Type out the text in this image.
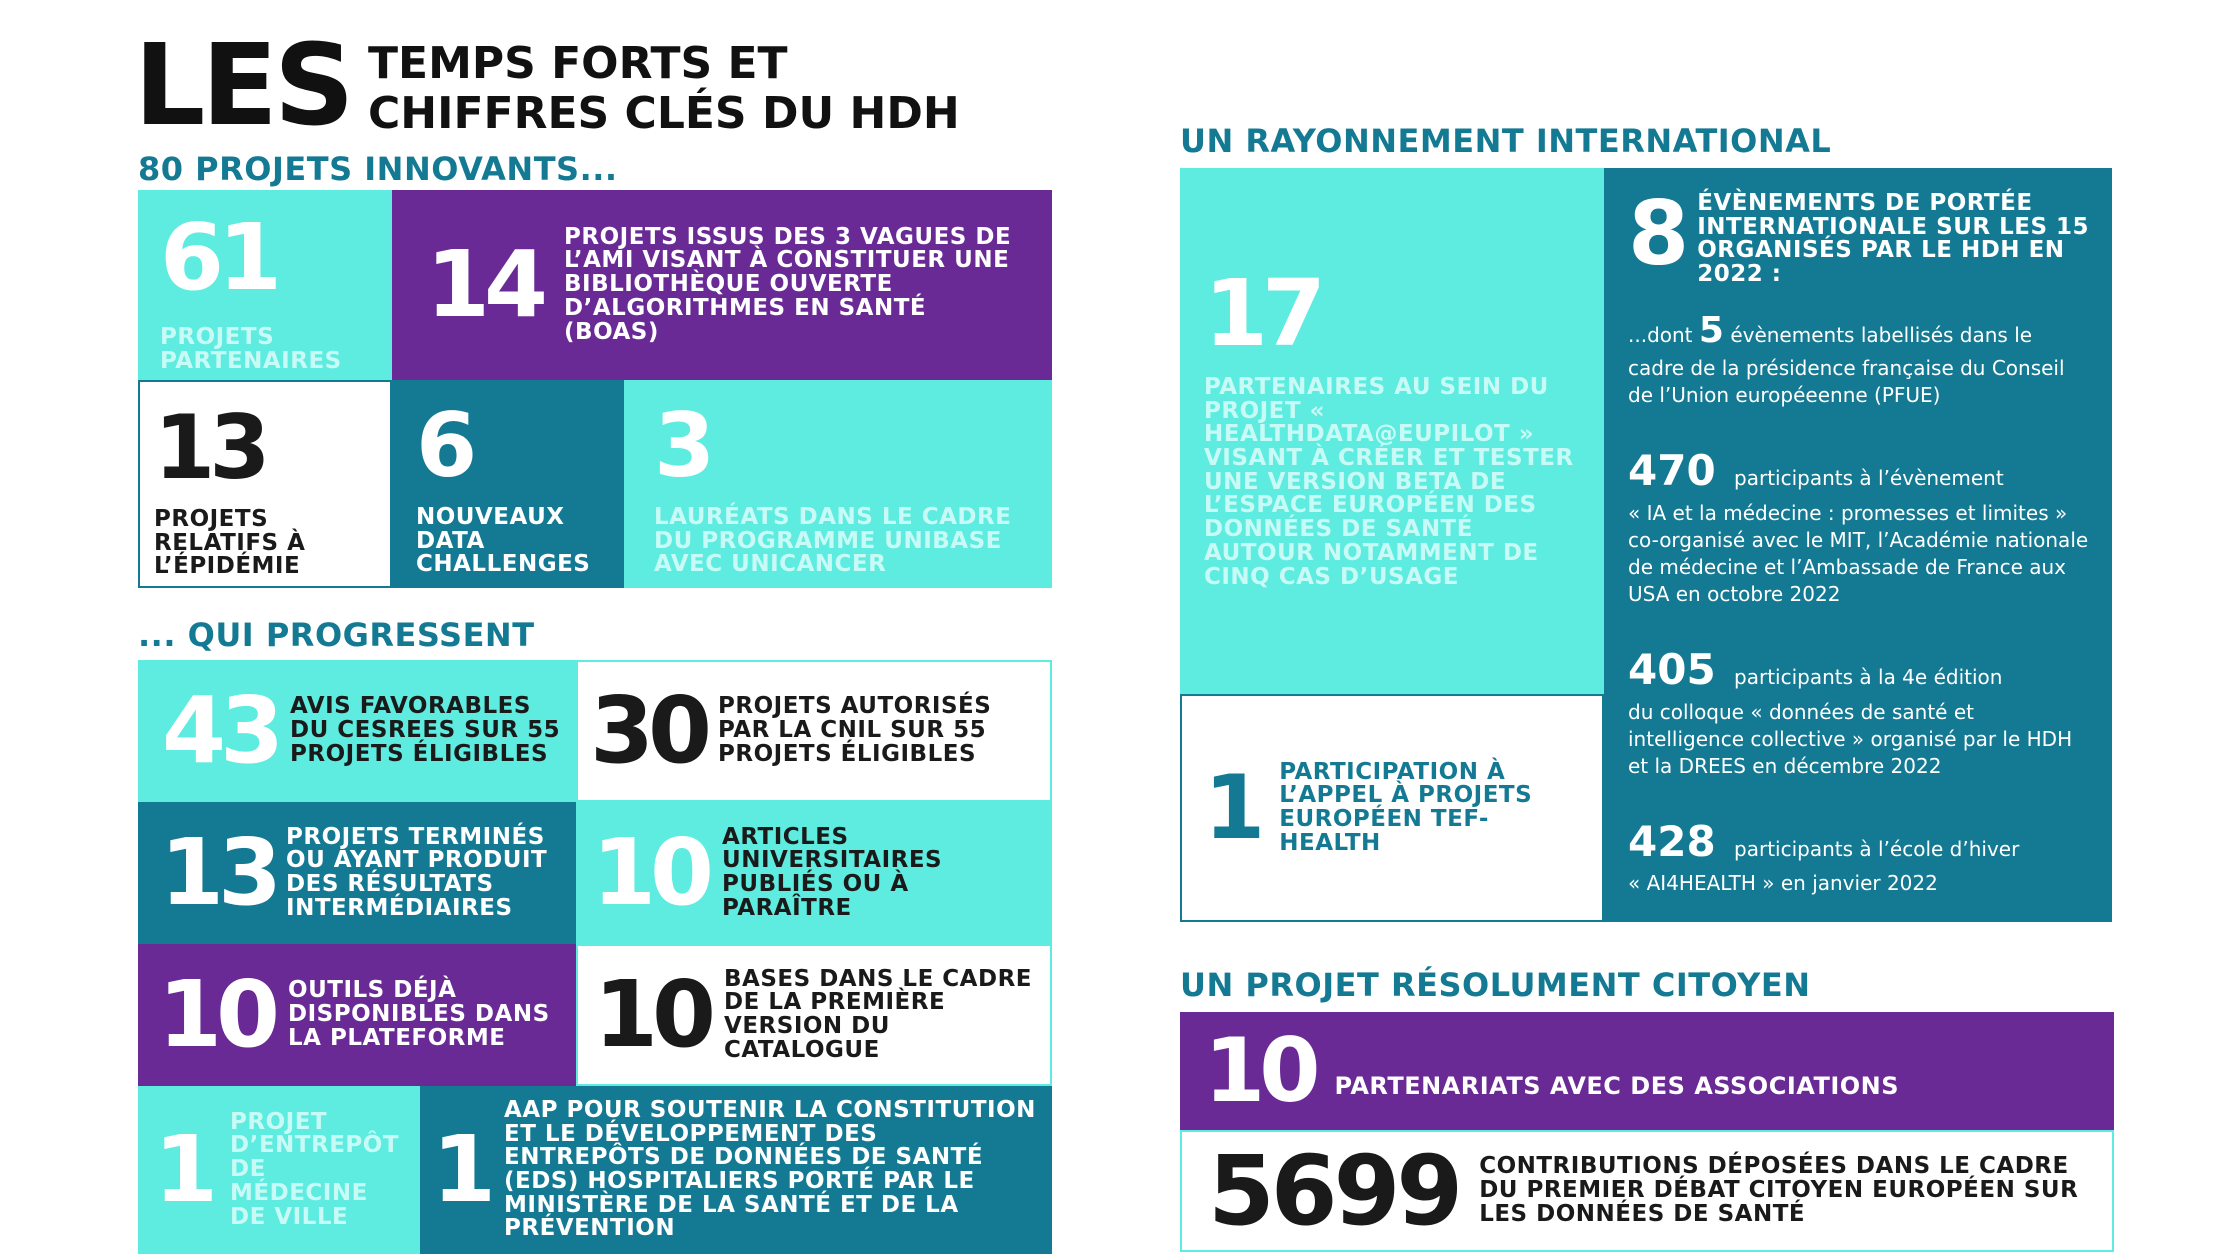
LES TEMPS FORTS ET
CHIFFRES CLÉS DU HDH
80 PROJETS INNOVANTS...
61
PROJETS PARTENAIRES
14 PROJETS ISSUS DES 3 VAGUES DE L’AMI VISANT À CONSTITUER UNE BIBLIOTHÈQUE OUVERTE D’ALGORITHMES EN SANTÉ (BOAS)
13
PROJETS RELATIFS À L’ÉPIDÉMIE
6
NOUVEAUX DATA CHALLENGES
3
LAURÉATS DANS LE CADRE DU PROGRAMME UNIBASE AVEC UNICANCER
... QUI PROGRESSENT
43 AVIS FAVORABLES DU CESREES SUR 55 PROJETS ÉLIGIBLES 30 PROJETS AUTORISÉS PAR LA CNIL SUR 55 PROJETS ÉLIGIBLES
13 PROJETS TERMINÉS OU AYANT PRODUIT DES RÉSULTATS INTERMÉDIAIRES 10 ARTICLES UNIVERSITAIRES PUBLIÉS OU À PARAÎTRE
10 OUTILS DÉJÀ DISPONIBLES DANS LA PLATEFORME 10 BASES DANS LE CADRE DE LA PREMIÈRE VERSION DU CATALOGUE
1 PROJET D’ENTREPÔT DE MÉDECINE DE VILLE 1
AAP POUR SOUTENIR LA CONSTITUTION ET LE DÉVELOPPEMENT DES ENTREPÔTS DE DONNÉES DE SANTÉ (EDS) HOSPITALIERS PORTÉ PAR LE MINISTÈRE DE LA SANTÉ ET DE LA PRÉVENTION
UN RAYONNEMENT INTERNATIONAL
17
PARTENAIRES AU SEIN DU PROJET « HEALTHDATA@EUPILOT » VISANT À CRÉER ET TESTER UNE VERSION BETA DE L’ESPACE EUROPÉEN DES DONNÉES DE SANTÉ AUTOUR NOTAMMENT DE CINQ CAS D’USAGE
1 PARTICIPATION À L’APPEL À PROJETS EUROPÉEN TEF-HEALTH
8 ÉVÈNEMENTS DE PORTÉE INTERNATIONALE SUR LES 15 ORGANISÉS PAR LE HDH EN 2022 :
...dont 5 évènements labellisés dans le cadre de la présidence française du Conseil de l’Union européeenne (PFUE)
470 participants à l’évènement
« IA et la médecine : promesses et limites » co-organisé avec le MIT, l’Académie nationale de médecine et l’Ambassade de France aux USA en octobre 2022
405 participants à la 4e édition
du colloque « données de santé et intelligence collective » organisé par le HDH et la DREES en décembre 2022
428 participants à l’école d’hiver
« AI4HEALTH » en janvier 2022
UN PROJET RÉSOLUMENT CITOYEN
10 PARTENARIATS AVEC DES ASSOCIATIONS
5699 CONTRIBUTIONS DÉPOSÉES DANS LE CADRE DU PREMIER DÉBAT CITOYEN EUROPÉEN SUR LES DONNÉES DE SANTÉ
